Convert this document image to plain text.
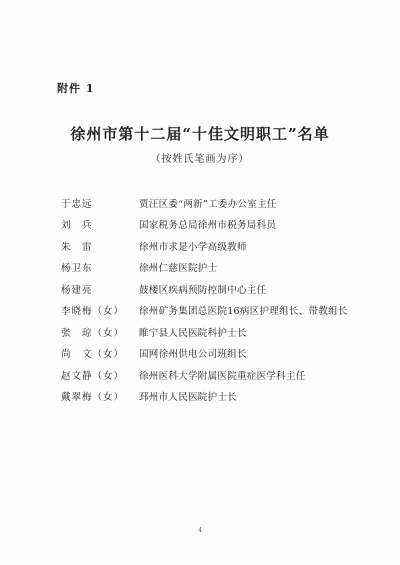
附件 1
徐州市第十二届“十佳文明职工”名单
（按姓氏笔画为序）
于忠远	贾汪区委“两新”工委办公室主任
刘　兵	国家税务总局徐州市税务局科员
朱　雷	徐州市求是小学高级教师
杨卫东	徐州仁慈医院护士
杨建亮	鼓楼区疾病预防控制中心主任
李晓梅（女）	徐州矿务集团总医院16病区护理组长、带教组长
张　琼（女）	睢宁县人民医院科护士长
尚　文（女）	国网徐州供电公司班组长
赵文静（女）	徐州医科大学附属医院重症医学科主任
戴翠梅（女）	邳州市人民医院护士长
4
